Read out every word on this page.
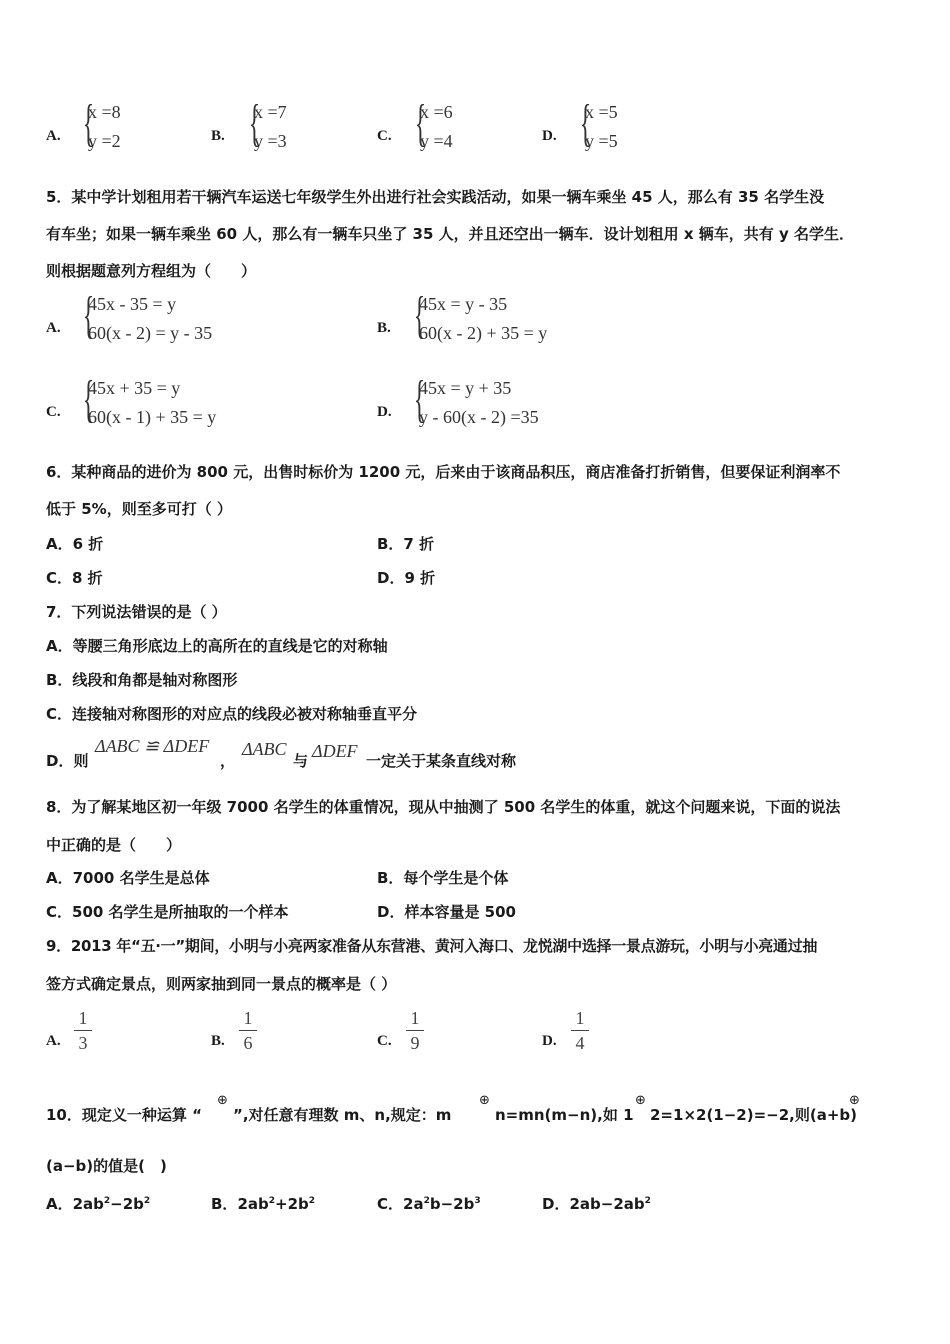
A. {
x =8
y =2	B. {
x =7
y =3	C. {
x =6
y =4	D. {
x =5
y =5
5．某中学计划租用若干辆汽车运送七年级学生外出进行社会实践活动，如果一辆车乘坐 45 人，那么有 35 名学生没
有车坐；如果一辆车乘坐 60 人，那么有一辆车只坐了 35 人，并且还空出一辆车．设计划租用 x 辆车，共有 y 名学生．
则根据题意列方程组为（　　）
A. {
45x - 35 = y
60(x - 2) = y - 35	B. {
45x = y - 35
60(x - 2) + 35 = y
C. {
45x + 35 = y
60(x - 1) + 35 = y	D. {
45x = y + 35
y - 60(x - 2) =35
6．某种商品的进价为 800 元，出售时标价为 1200 元，后来由于该商品积压，商店准备打折销售，但要保证利润率不
低于 5%，则至多可打（ ）
A．6 折	B．7 折
C．8 折	D．9 折
7．下列说法错误的是（ ）
A．等腰三角形底边上的高所在的直线是它的对称轴
B．线段和角都是轴对称图形
C．连接轴对称图形的对应点的线段必被对称轴垂直平分
D．则
ΔABC ≌ ΔDEF
，
ΔABC
与 ΔDEF 一定关于某条直线对称
8．为了解某地区初一年级 7000 名学生的体重情况，现从中抽测了 500 名学生的体重，就这个问题来说，下面的说法
中正确的是（　　）
A．7000 名学生是总体	B．每个学生是个体
C．500 名学生是所抽取的一个样本	D．样本容量是 500
9．2013 年“五·一”期间，小明与小亮两家准备从东营港、黄河入海口、龙悦湖中选择一景点游玩，小明与小亮通过抽
签方式确定景点，则两家抽到同一景点的概率是（ ）
A.
1
3	B.
1
6	C.
1
9	D.
1
4
10．现定义一种运算 “
⊕
”,对任意有理数 m、n,规定：m
⊕
n=mn(m−n),如 1
⊕
2=1×2(1−2)=−2,则(a+b)
⊕
(a−b)的值是(　)
A．$2ab^2-2b^2$	B．$2ab^2+2b^2$	C．$2a^2b-2b^3$	D．$2ab-2ab^2$
